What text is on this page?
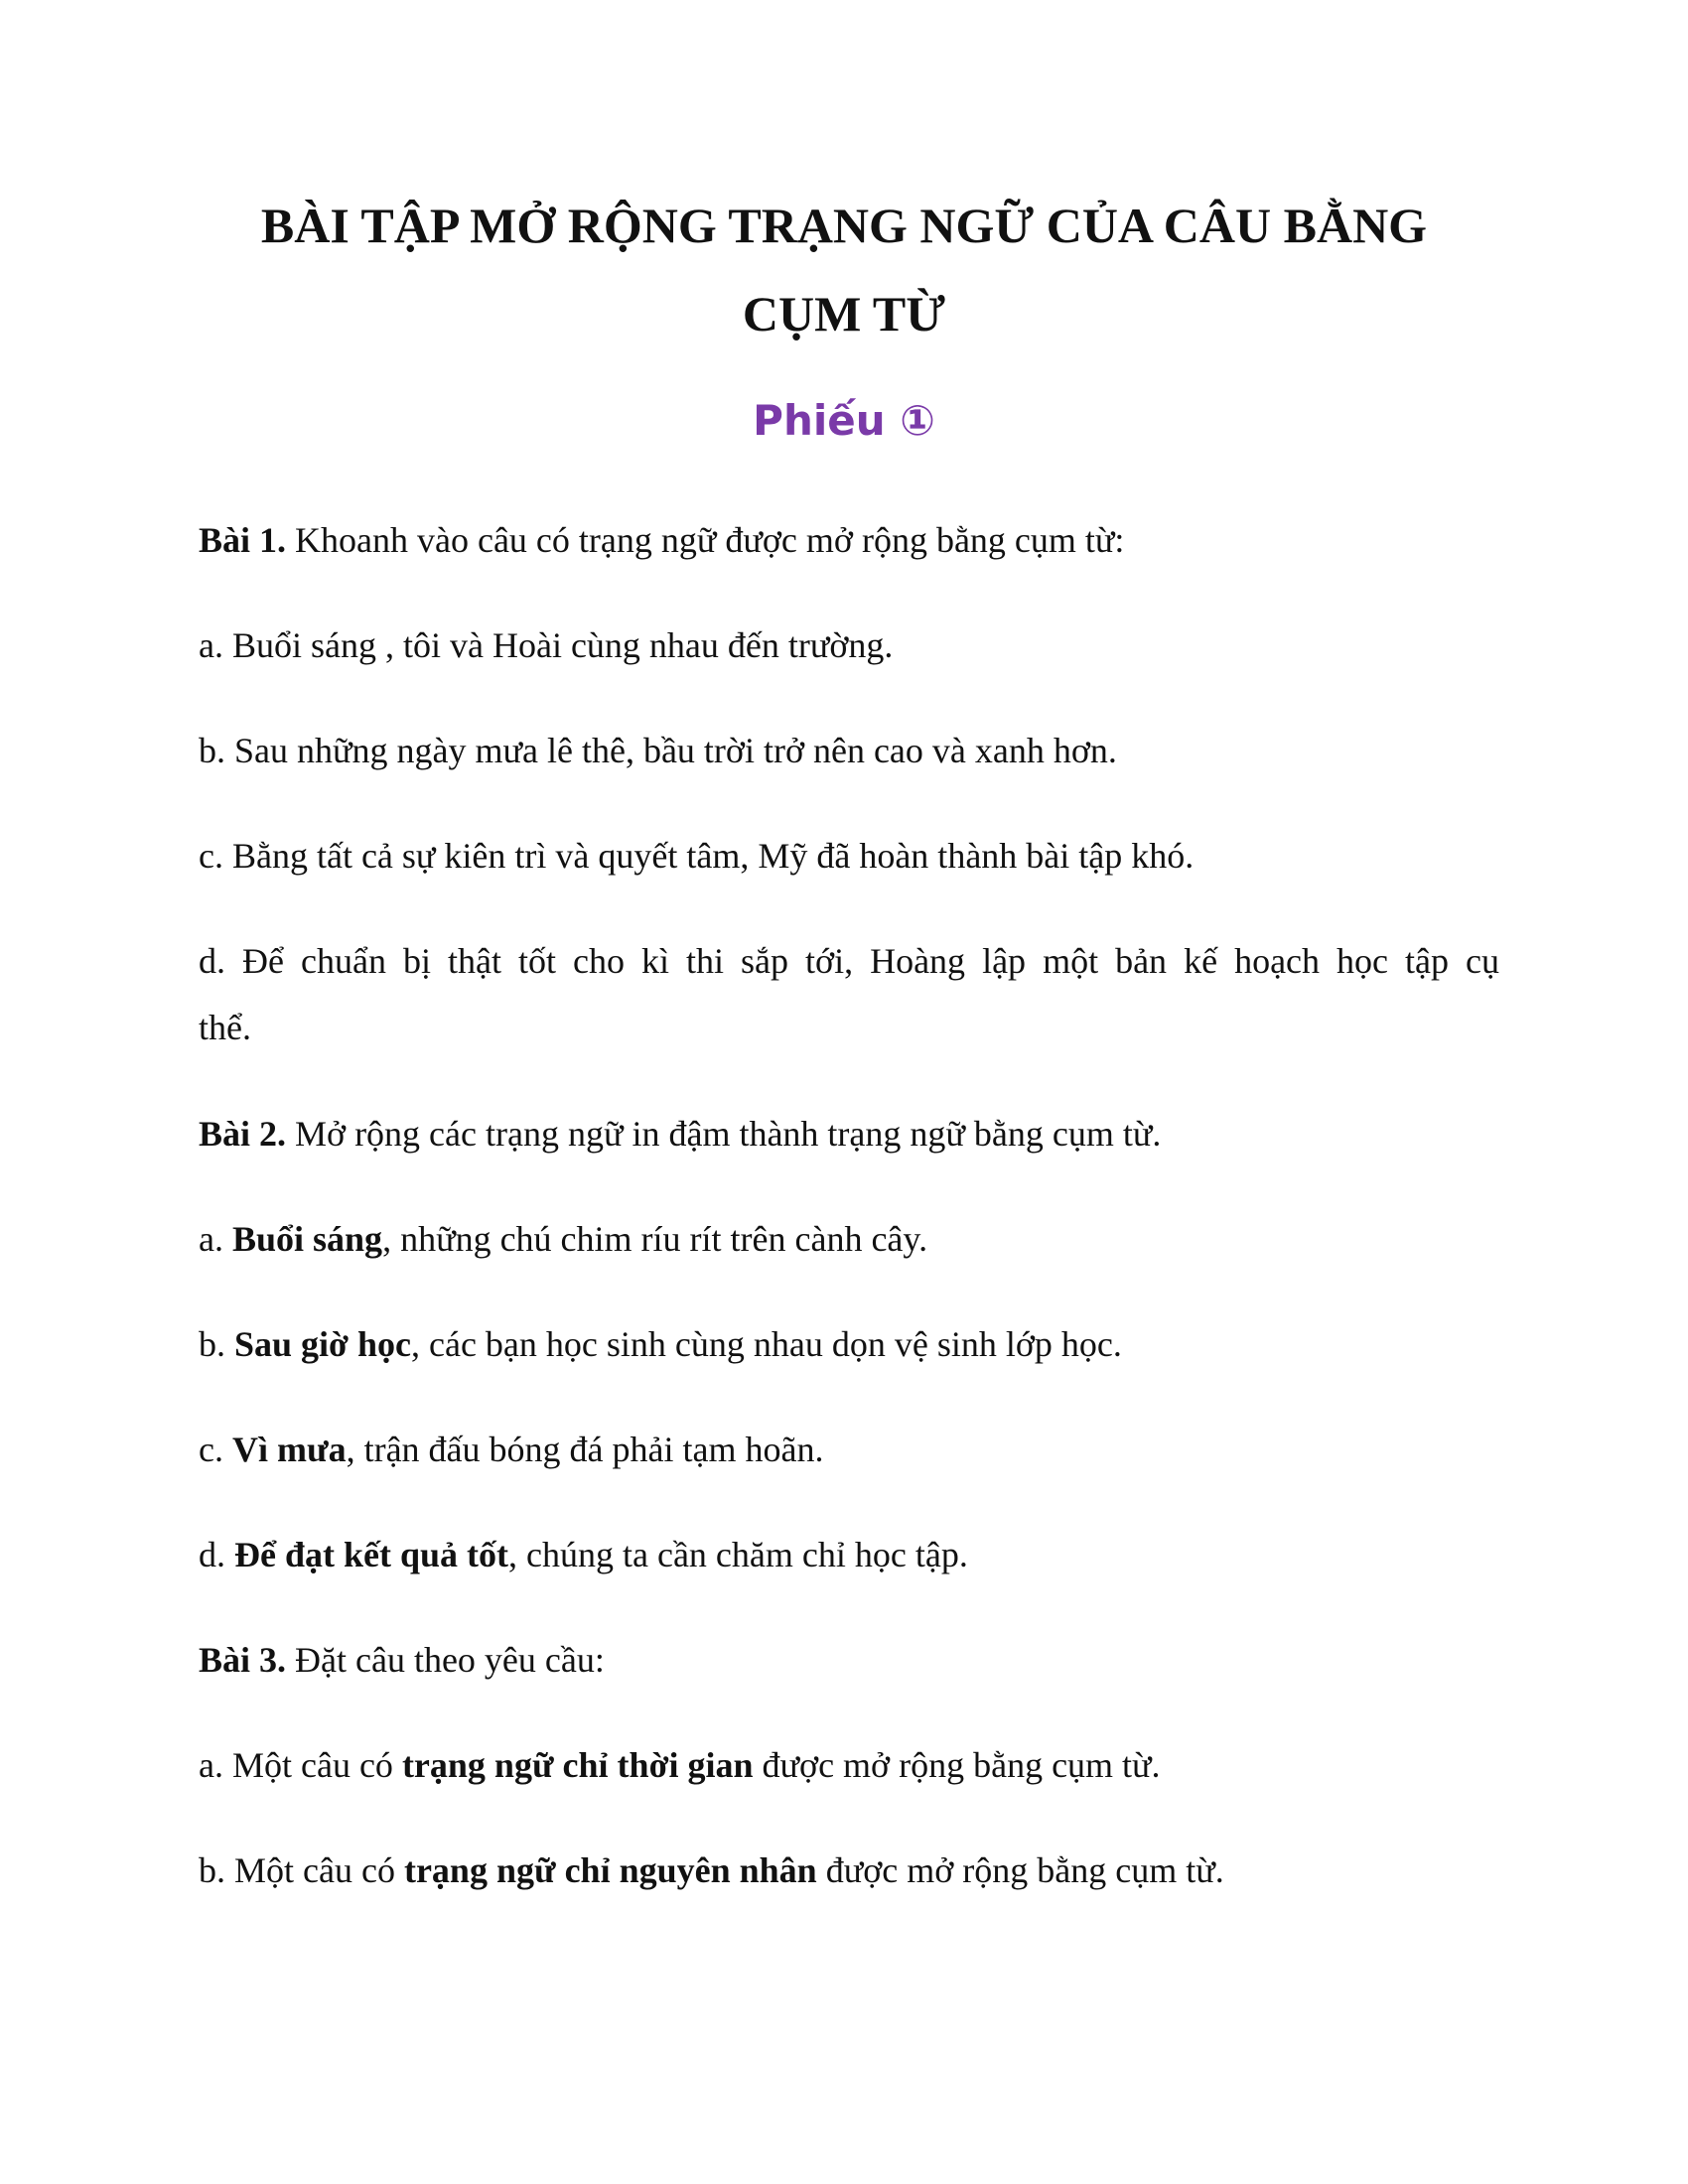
BÀI TẬP MỞ RỘNG TRẠNG NGỮ CỦA CÂU BẰNG
CỤM TỪ
Phiếu ①
Bài 1. Khoanh vào câu có trạng ngữ được mở rộng bằng cụm từ:
a. Buổi sáng , tôi và Hoài cùng nhau đến trường.
b. Sau những ngày mưa lê thê, bầu trời trở nên cao và xanh hơn.
c. Bằng tất cả sự kiên trì và quyết tâm, Mỹ đã hoàn thành bài tập khó.
d. Để chuẩn bị thật tốt cho kì thi sắp tới, Hoàng lập một bản kế hoạch học tập cụ
thể.
Bài 2. Mở rộng các trạng ngữ in đậm thành trạng ngữ bằng cụm từ.
a. Buổi sáng, những chú chim ríu rít trên cành cây.
b. Sau giờ học, các bạn học sinh cùng nhau dọn vệ sinh lớp học.
c. Vì mưa, trận đấu bóng đá phải tạm hoãn.
d. Để đạt kết quả tốt, chúng ta cần chăm chỉ học tập.
Bài 3. Đặt câu theo yêu cầu:
a. Một câu có trạng ngữ chỉ thời gian được mở rộng bằng cụm từ.
b. Một câu có trạng ngữ chỉ nguyên nhân được mở rộng bằng cụm từ.
